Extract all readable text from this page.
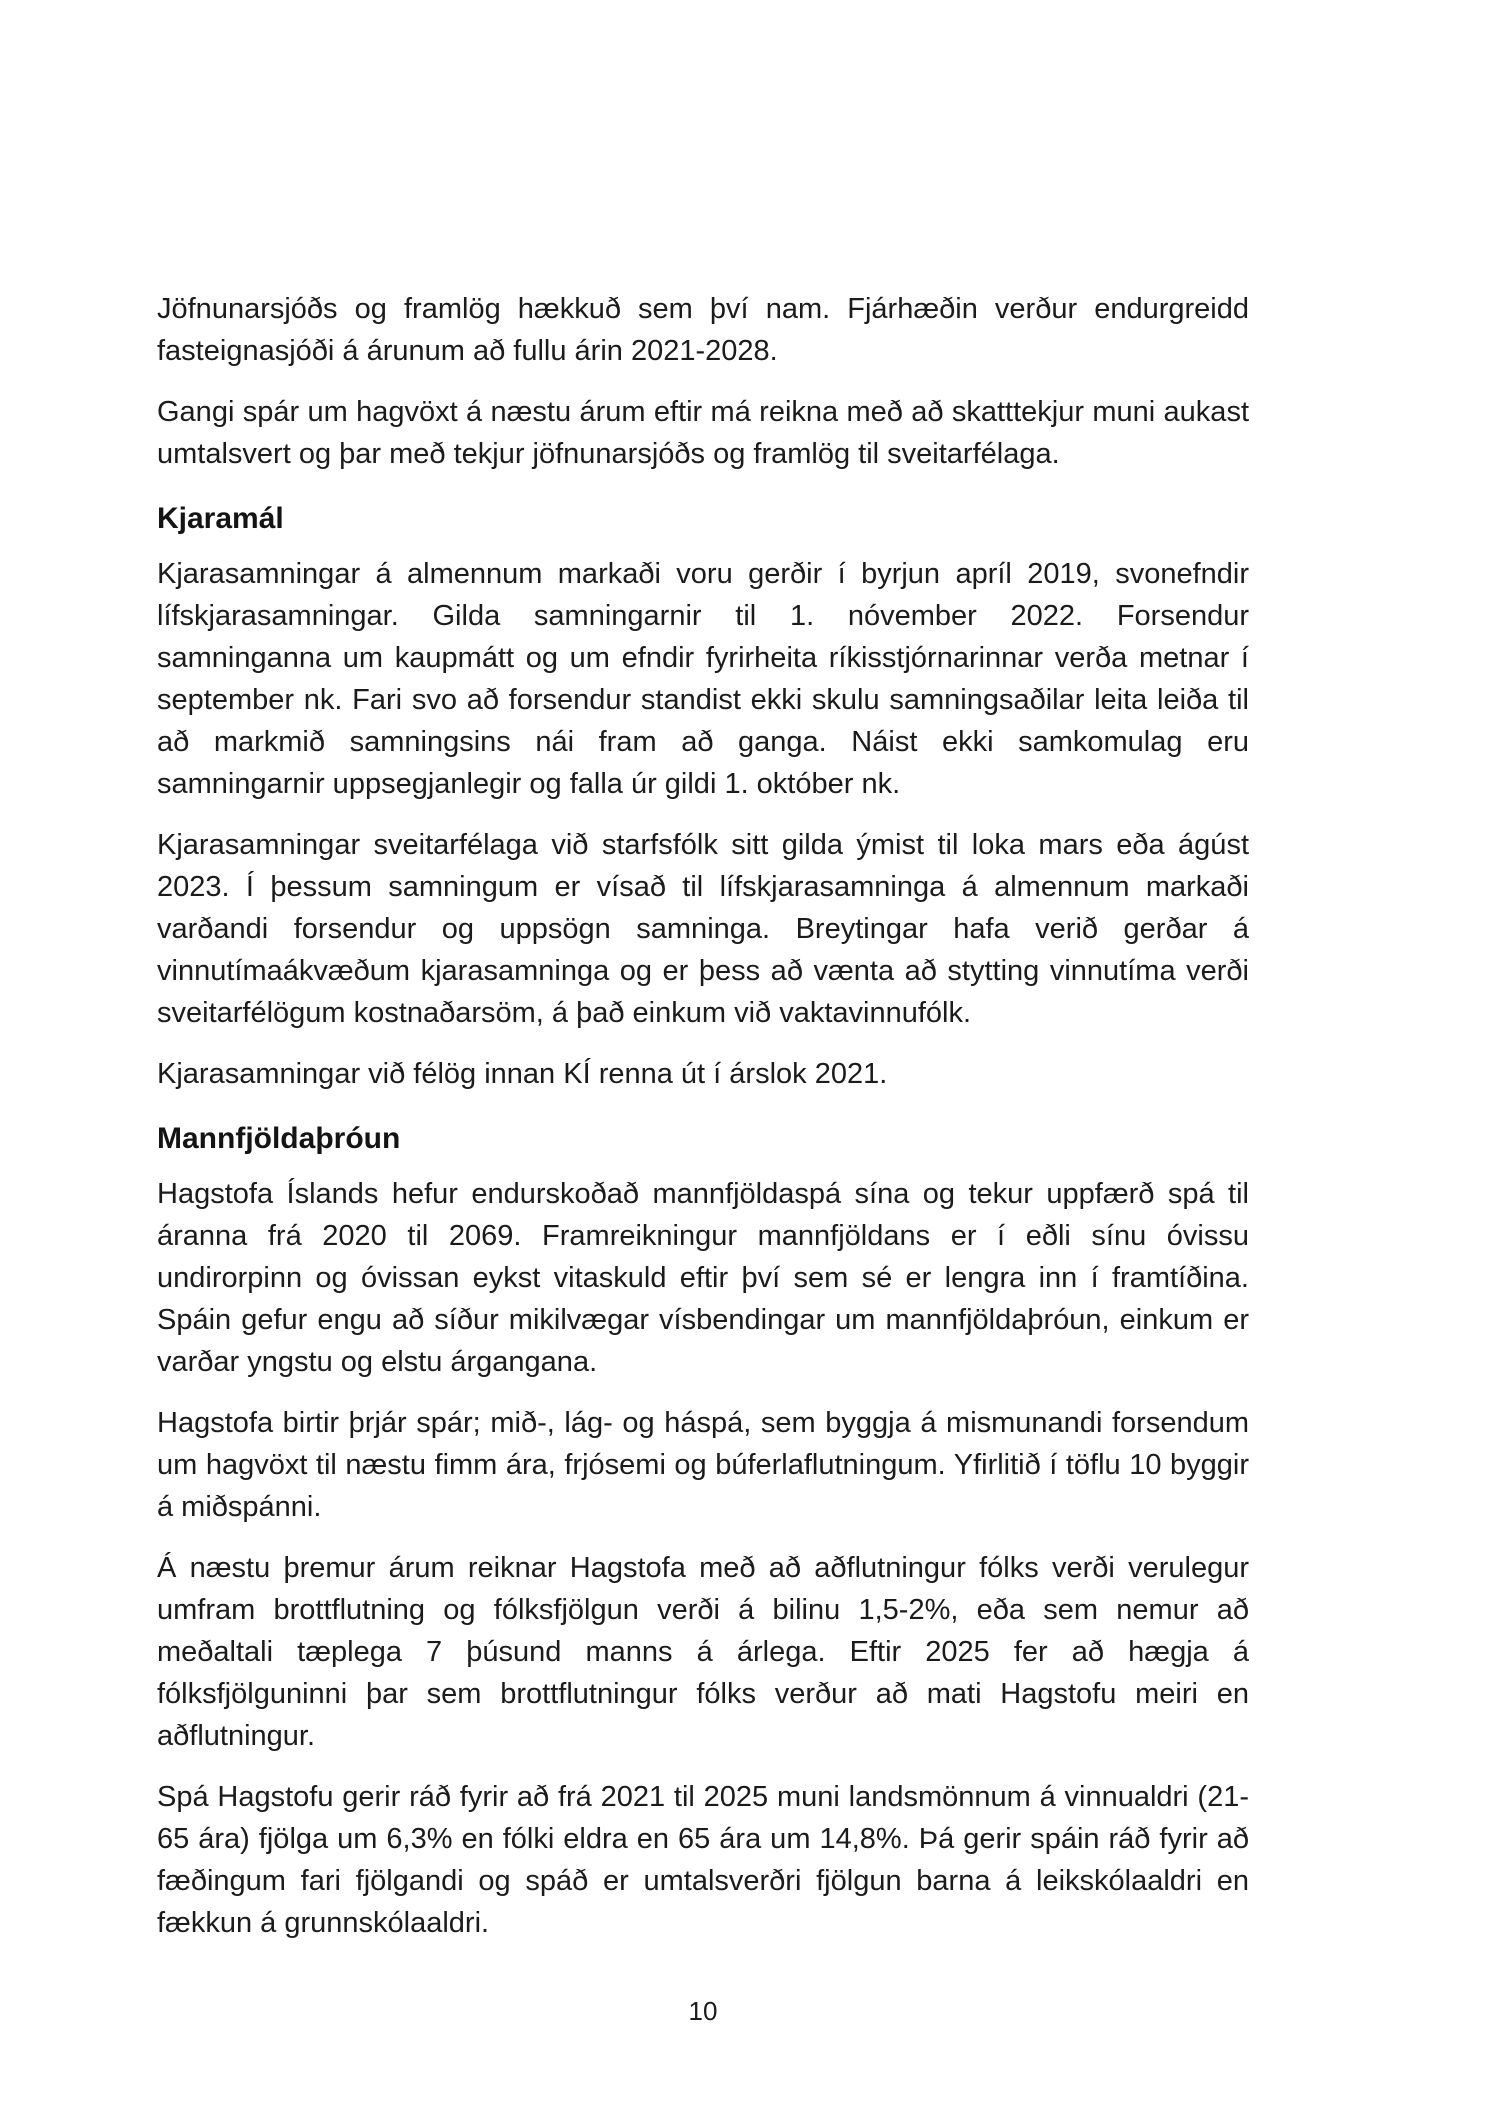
Jöfnunarsjóðs og framlög hækkuð sem því nam. Fjárhæðin verður endurgreidd fasteignasjóði á árunum að fullu árin 2021-2028.

Gangi spár um hagvöxt á næstu árum eftir má reikna með að skatttekjur muni aukast umtalsvert og þar með tekjur jöfnunarsjóðs og framlög til sveitarfélaga.

Kjaramál

Kjarasamningar á almennum markaði voru gerðir í byrjun apríl 2019, svonefndir lífskjarasamningar. Gilda samningarnir til 1. nóvember 2022. Forsendur samninganna um kaupmátt og um efndir fyrirheita ríkisstjórnarinnar verða metnar í september nk. Fari svo að forsendur standist ekki skulu samningsaðilar leita leiða til að markmið samningsins nái fram að ganga. Náist ekki samkomulag eru samningarnir uppsegjanlegir og falla úr gildi 1. október nk.

Kjarasamningar sveitarfélaga við starfsfólk sitt gilda ýmist til loka mars eða ágúst 2023. Í þessum samningum er vísað til lífskjarasamninga á almennum markaði varðandi forsendur og uppsögn samninga. Breytingar hafa verið gerðar á vinnutímaákvæðum kjarasamninga og er þess að vænta að stytting vinnutíma verði sveitarfélögum kostnaðarsöm, á það einkum við vaktavinnufólk.

Kjarasamningar við félög innan KÍ renna út í árslok 2021.

Mannfjöldaþróun

Hagstofa Íslands hefur endurskoðað mannfjöldaspá sína og tekur uppfærð spá til áranna frá 2020 til 2069. Framreikningur mannfjöldans er í eðli sínu óvissu undirorpinn og óvissan eykst vitaskuld eftir því sem sé er lengra inn í framtíðina. Spáin gefur engu að síður mikilvægar vísbendingar um mannfjöldaþróun, einkum er varðar yngstu og elstu árgangana.

Hagstofa birtir þrjár spár; mið-, lág- og háspá, sem byggja á mismunandi forsendum um hagvöxt til næstu fimm ára, frjósemi og búferlaflutningum. Yfirlitið í töflu 10 byggir á miðspánni.

Á næstu þremur árum reiknar Hagstofa með að aðflutningur fólks verði verulegur umfram brottflutning og fólksfjölgun verði á bilinu 1,5-2%, eða sem nemur að meðaltali tæplega 7 þúsund manns á árlega. Eftir 2025 fer að hægja á fólksfjölguninni þar sem brottflutningur fólks verður að mati Hagstofu meiri en aðflutningur.

Spá Hagstofu gerir ráð fyrir að frá 2021 til 2025 muni landsmönnum á vinnualdri (21-65 ára) fjölga um 6,3% en fólki eldra en 65 ára um 14,8%. Þá gerir spáin ráð fyrir að fæðingum fari fjölgandi og spáð er umtalsverðri fjölgun barna á leikskólaaldri en fækkun á grunnskólaaldri.

10
